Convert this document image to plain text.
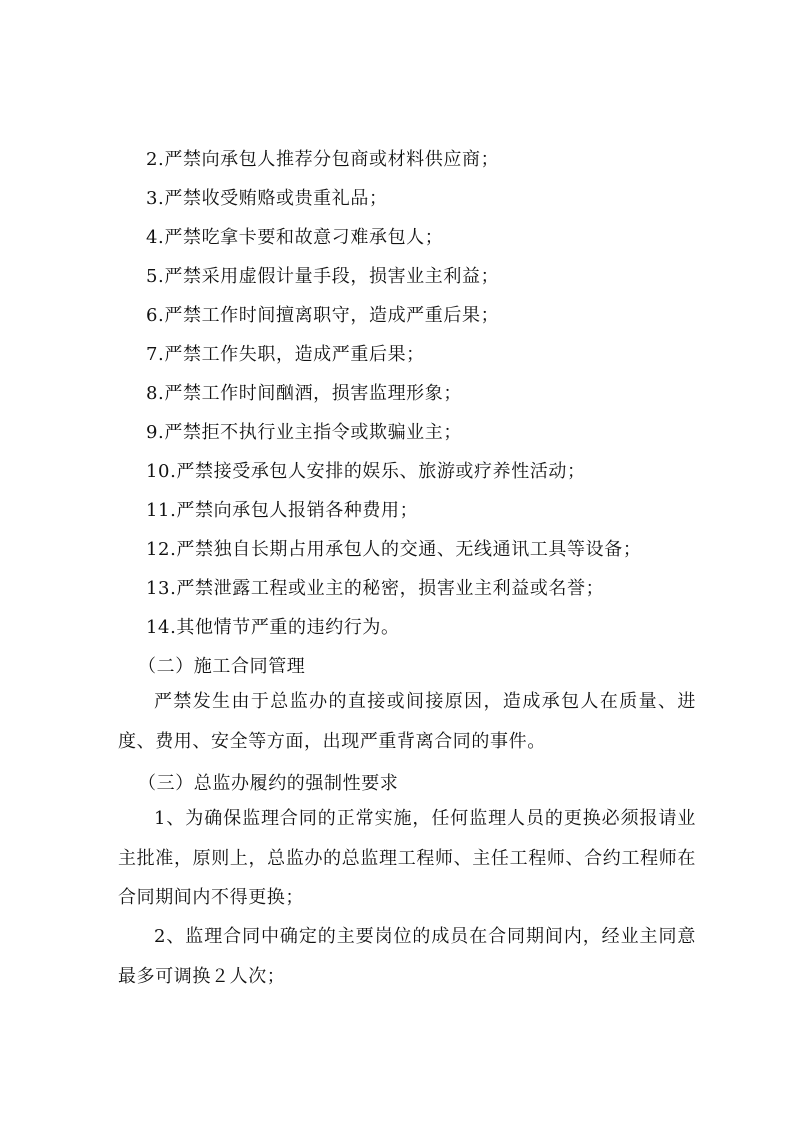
2.严禁向承包人推荐分包商或材料供应商；
3.严禁收受贿赂或贵重礼品；
4.严禁吃拿卡要和故意刁难承包人；
5.严禁采用虚假计量手段，损害业主利益；
6.严禁工作时间擅离职守，造成严重后果；
7.严禁工作失职，造成严重后果；
8.严禁工作时间酗酒，损害监理形象；
9.严禁拒不执行业主指令或欺骗业主；
10.严禁接受承包人安排的娱乐、旅游或疗养性活动；
11.严禁向承包人报销各种费用；
12.严禁独自长期占用承包人的交通、无线通讯工具等设备；
13.严禁泄露工程或业主的秘密，损害业主利益或名誉；
14.其他情节严重的违约行为。
（二）施工合同管理
严禁发生由于总监办的直接或间接原因，造成承包人在质量、进度、费用、安全等方面，出现严重背离合同的事件。
（三）总监办履约的强制性要求
1、为确保监理合同的正常实施，任何监理人员的更换必须报请业主批准，原则上，总监办的总监理工程师、主任工程师、合约工程师在合同期间内不得更换；
2、监理合同中确定的主要岗位的成员在合同期间内，经业主同意最多可调换２人次；
